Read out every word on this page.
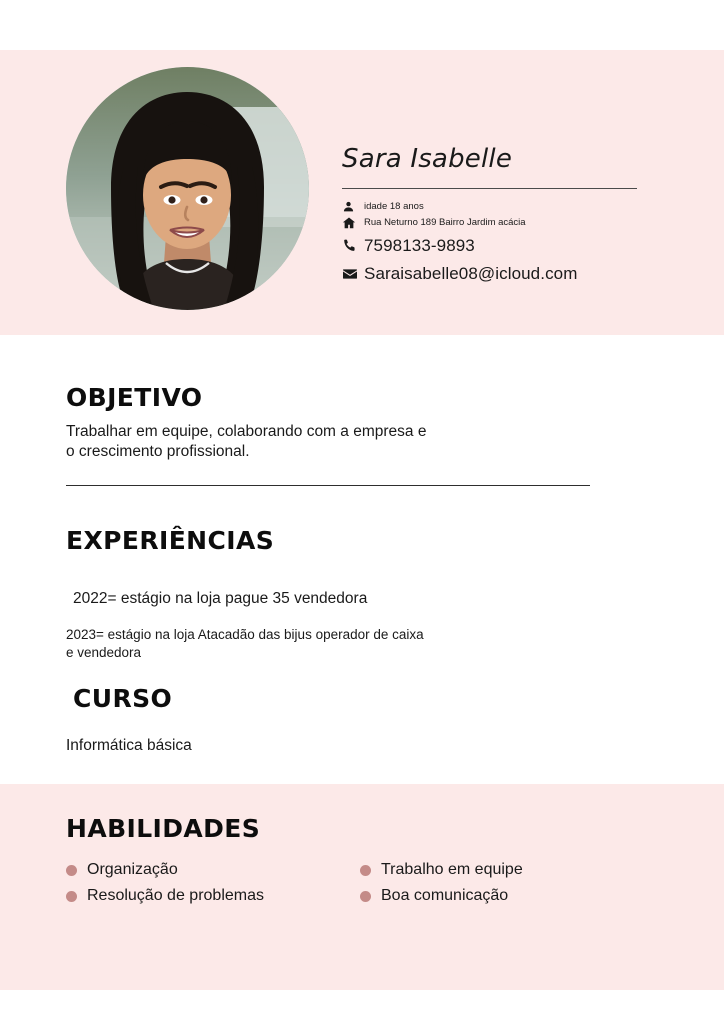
Sara Isabelle
idade 18 anos
Rua Neturno 189 Bairro Jardim acácia
7598133-9893
Saraisabelle08@icloud.com
OBJETIVO
Trabalhar em equipe, colaborando com a empresa e
o crescimento profissional.
EXPERIÊNCIAS
2022= estágio na loja pague 35 vendedora
2023= estágio na loja Atacadão das bijus operador de caixa
e vendedora
CURSO
Informática básica
HABILIDADES
Organização	Trabalho em equipe
Resolução de problemas	Boa comunicação
